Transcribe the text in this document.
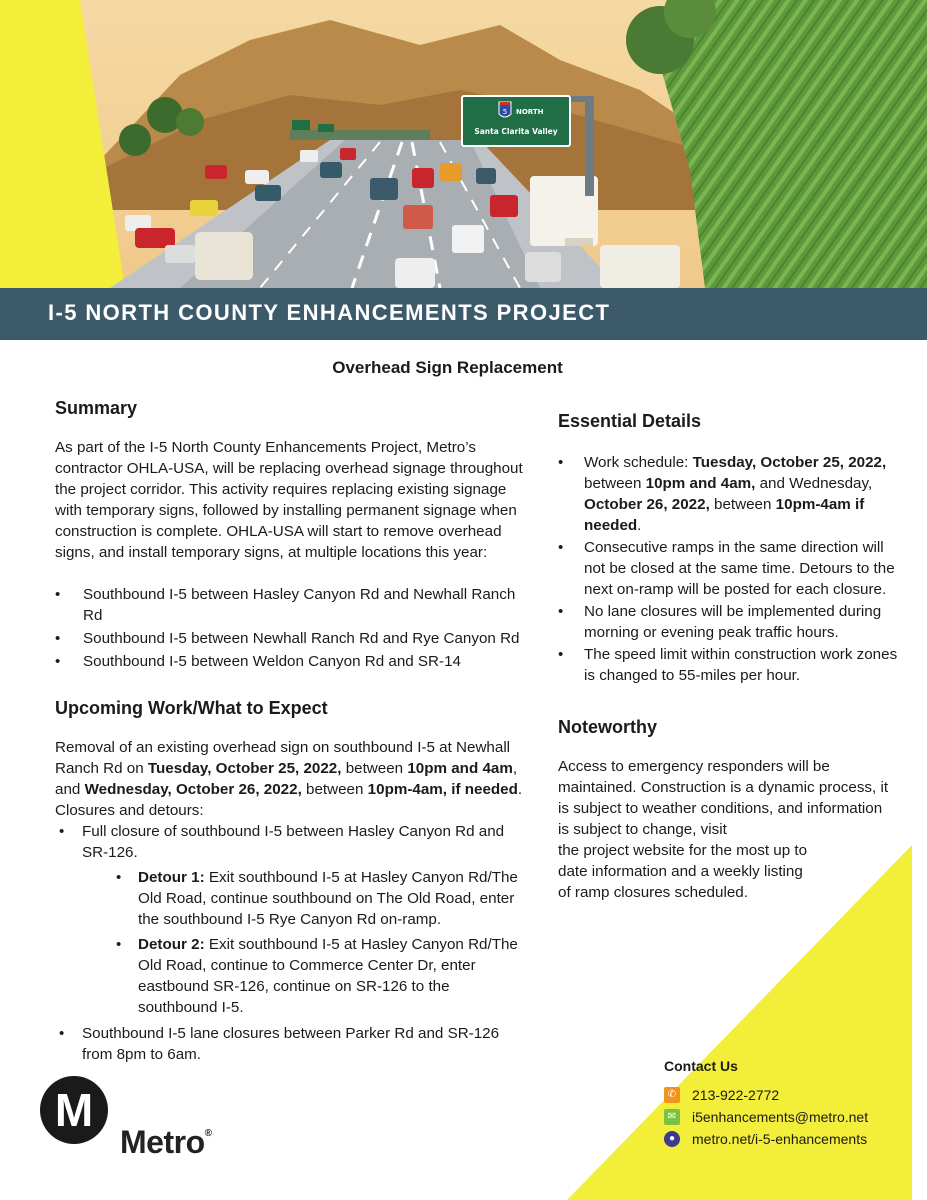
5 NORTH
Santa Clarita Valley
I-5 NORTH COUNTY ENHANCEMENTS PROJECT
Overhead Sign Replacement
Summary

As part of the I-5 North County Enhancements Project, Metro’s contractor OHLA-USA, will be replacing overhead signage throughout the project corridor. This activity requires replacing existing signage with temporary signs, followed by installing permanent signage when construction is complete. OHLA-USA will start to remove overhead signs, and install temporary signs, at multiple locations this year:

• Southbound I-5 between Hasley Canyon Rd and Newhall Ranch Rd
• Southbound I-5 between Newhall Ranch Rd and Rye Canyon Rd
• Southbound I-5 between Weldon Canyon Rd and SR-14
Upcoming Work/What to Expect

Removal of an existing overhead sign on southbound I-5 at Newhall Ranch Rd on Tuesday, October 25, 2022, between 10pm and 4am, and Wednesday, October 26, 2022, between 10pm-4am, if needed.

Closures and detours:

• Full closure of southbound I-5 between Hasley Canyon Rd and SR-126.
• Detour 1: Exit southbound I-5 at Hasley Canyon Rd/The Old Road, continue southbound on The Old Road, enter the southbound I-5 Rye Canyon Rd on-ramp.
• Detour 2: Exit southbound I-5 at Hasley Canyon Rd/The Old Road, continue to Commerce Center Dr, enter eastbound SR-126, continue on SR-126 to the southbound I-5.
• Southbound I-5 lane closures between Parker Rd and SR-126 from 8pm to 6am.
Essential Details
• Work schedule: Tuesday, October 25, 2022, between 10pm and 4am, and Wednesday, October 26, 2022, between 10pm-4am if needed.
• Consecutive ramps in the same direction will not be closed at the same time. Detours to the next on-ramp will be posted for each closure.
• No lane closures will be implemented during morning or evening peak traffic hours.
• The speed limit within construction work zones is changed to 55-miles per hour.
Noteworthy
Access to emergency responders will be
maintained. Construction is a dynamic process, it
is subject to weather conditions, and information
is subject to change, visit
the project website for the most up to
date information and a weekly listing
of ramp closures scheduled.
Contact Us
✆ 213-922-2772
✉ i5enhancements@metro.net
●	metro.net/i-5-enhancements
M
Metro®
